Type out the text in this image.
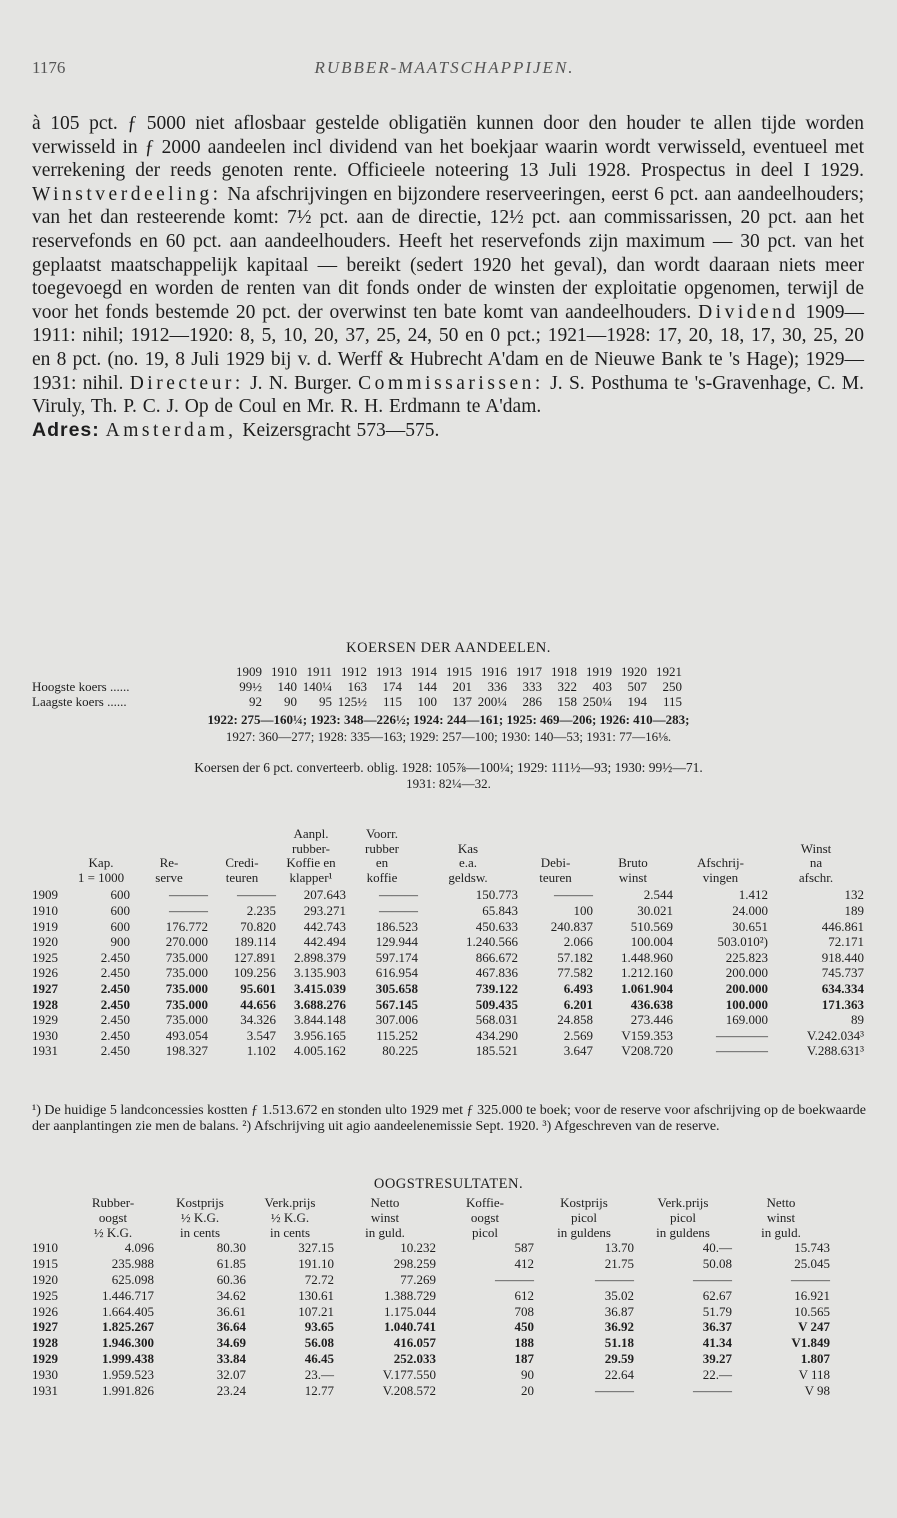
1176	RUBBER-MAATSCHAPPIJEN.

à 105 pct. ƒ 5000 niet aflosbaar gestelde obligatiën kunnen door den houder te allen tijde worden verwisseld in ƒ 2000 aandeelen incl dividend van het boekjaar waarin wordt verwisseld, eventueel met verrekening der reeds genoten rente. Officieele noteering 13 Juli 1928. Prospectus in deel I 1929. Winstverdeeling: Na afschrijvingen en bijzondere reserveeringen, eerst 6 pct. aan aandeelhouders; van het dan resteerende komt: 7½ pct. aan de directie, 12½ pct. aan commissarissen, 20 pct. aan het reservefonds en 60 pct. aan aandeelhouders. Heeft het reservefonds zijn maximum — 30 pct. van het geplaatst maatschappelijk kapitaal — bereikt (sedert 1920 het geval), dan wordt daaraan niets meer toegevoegd en worden de renten van dit fonds onder de winsten der exploitatie opgenomen, terwijl de voor het fonds bestemde 20 pct. der overwinst ten bate komt van aandeelhouders. Dividend 1909—1911: nihil; 1912—1920: 8, 5, 10, 20, 37, 25, 24, 50 en 0 pct.; 1921—1928: 17, 20, 18, 17, 30, 25, 20 en 8 pct. (no. 19, 8 Juli 1929 bij v. d. Werff & Hubrecht A'dam en de Nieuwe Bank te 's Hage); 1929—1931: nihil. Directeur: J. N. Burger. Commissarissen: J. S. Posthuma te 's-Gravenhage, C. M. Viruly, Th. P. C. J. Op de Coul en Mr. R. H. Erdmann te A'dam.

Adres: Amsterdam, Keizersgracht 573—575.

KOERSEN DER AANDEELEN.
	1909	1910	1911	1912	1913	1914	1915	1916	1917	1918	1919	1920	1921
Hoogste koers ......	99½	140	140¼	163	174	144	201	336	333	322	403	507	250
Laagste koers ......	92	90	95	125½	115	100	137	200¼	286	158	250¼	194	115
1922: 275—160¼; 1923: 348—226½; 1924: 244—161; 1925: 469—206; 1926: 410—283;
1927: 360—277; 1928: 335—163; 1929: 257—100; 1930: 140—53; 1931: 77—16⅛.
Koersen der 6 pct. converteerb. oblig. 1928: 105⅞—100¼; 1929: 111½—93; 1930: 99½—71.
1931: 82¼—32.
				Aanpl.	Voorr.					
				rubber-	rubber	Kas				Winst
	Kap.	Re-	Credi-	Koffie en	en	e.a.	Debi-	Bruto	Afschrij-	na
	1 = 1000	serve	teuren	klapper¹	koffie	geldsw.	teuren	winst	vingen	afschr.
1909	600	———	———	207.643	———	150.773	———	2.544	1.412	132
1910	600	———	2.235	293.271	———	65.843	100	30.021	24.000	189
1919	600	176.772	70.820	442.743	186.523	450.633	240.837	510.569	30.651	446.861
1920	900	270.000	189.114	442.494	129.944	1.240.566	2.066	100.004	503.010²)	72.171
1925	2.450	735.000	127.891	2.898.379	597.174	866.672	57.182	1.448.960	225.823	918.440
1926	2.450	735.000	109.256	3.135.903	616.954	467.836	77.582	1.212.160	200.000	745.737
1927	2.450	735.000	95.601	3.415.039	305.658	739.122	6.493	1.061.904	200.000	634.334
1928	2.450	735.000	44.656	3.688.276	567.145	509.435	6.201	436.638	100.000	171.363
1929	2.450	735.000	34.326	3.844.148	307.006	568.031	24.858	273.446	169.000	89
1930	2.450	493.054	3.547	3.956.165	115.252	434.290	2.569	V159.353	————	V.242.034³
1931	2.450	198.327	1.102	4.005.162	80.225	185.521	3.647	V208.720	————	V.288.631³
¹) De huidige 5 landconcessies kostten ƒ 1.513.672 en stonden ulto 1929 met ƒ 325.000 te boek; voor de reserve voor afschrijving op de boekwaarde der aanplantingen zie men de balans. ²) Afschrijving uit agio aandeelenemissie Sept. 1920. ³) Afgeschreven van de reserve.
OOGSTRESULTATEN.
	Rubber-	Kostprijs	Verk.prijs	Netto	Koffie-	Kostprijs	Verk.prijs	Netto
	oogst	½ K.G.	½ K.G.	winst	oogst	picol	picol	winst
	½ K.G.	in cents	in cents	in guld.	picol	in guldens	in guldens	in guld.
1910	4.096	80.30	327.15	10.232	587	13.70	40.—	15.743
1915	235.988	61.85	191.10	298.259	412	21.75	50.08	25.045
1920	625.098	60.36	72.72	77.269	———	———	———	———
1925	1.446.717	34.62	130.61	1.388.729	612	35.02	62.67	16.921
1926	1.664.405	36.61	107.21	1.175.044	708	36.87	51.79	10.565
1927	1.825.267	36.64	93.65	1.040.741	450	36.92	36.37	V 247
1928	1.946.300	34.69	56.08	416.057	188	51.18	41.34	V1.849
1929	1.999.438	33.84	46.45	252.033	187	29.59	39.27	1.807
1930	1.959.523	32.07	23.—	V.177.550	90	22.64	22.—	V 118
1931	1.991.826	23.24	12.77	V.208.572	20	———	———	V 98
